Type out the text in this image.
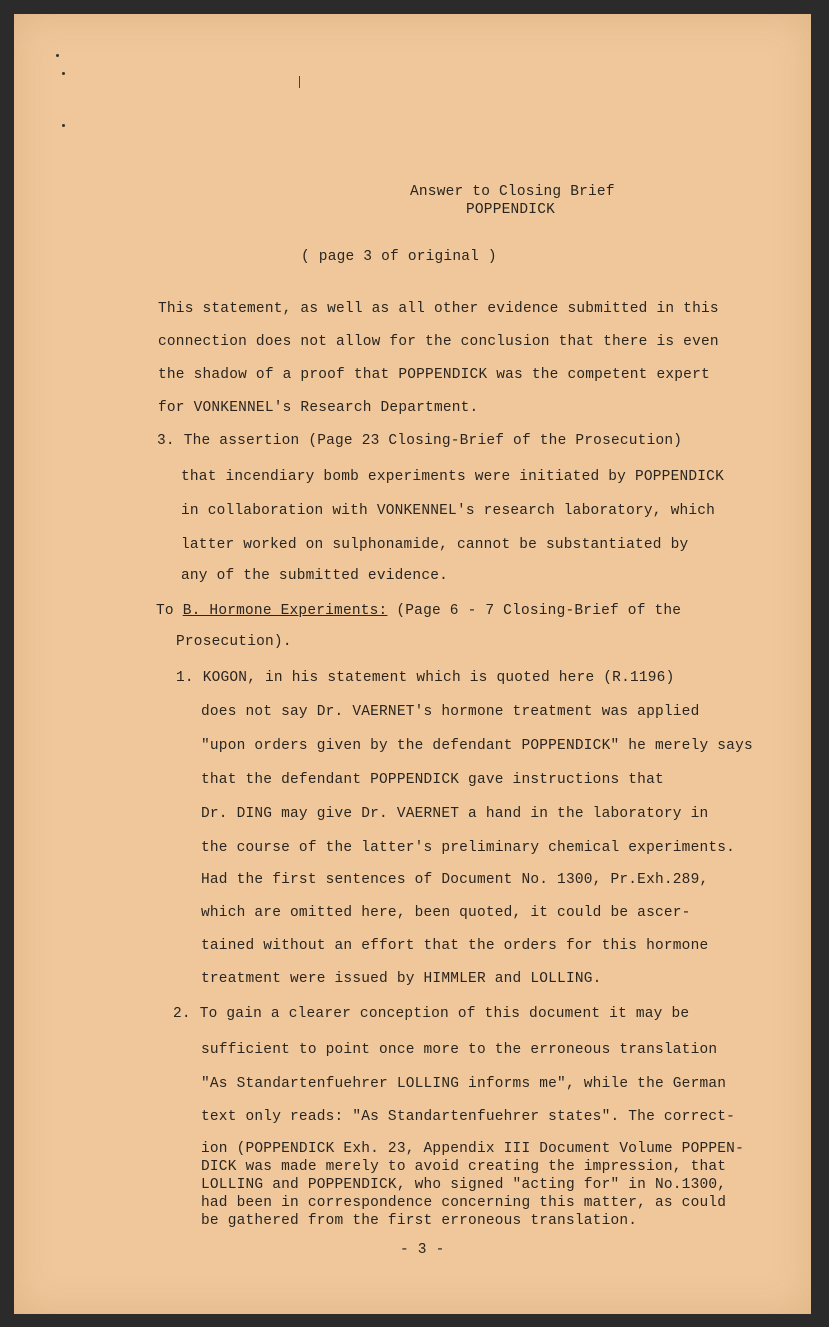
Answer to Closing Brief
POPPENDICK
( page 3 of original )
This statement, as well as all other evidence submitted in this
connection does not allow for the conclusion that there is even
the shadow of a proof that POPPENDICK was the competent expert
for VONKENNEL's Research Department.
3. The assertion (Page 23 Closing-Brief of the Prosecution)
that incendiary bomb experiments were initiated by POPPENDICK
in collaboration with VONKENNEL's research laboratory, which
latter worked on sulphonamide, cannot be substantiated by
any of the submitted evidence.
To B. Hormone Experiments: (Page 6 - 7 Closing-Brief of the
Prosecution).
1. KOGON, in his statement which is quoted here (R.1196)
does not say Dr. VAERNET's hormone treatment was applied
"upon orders given by the defendant POPPENDICK" he merely says
that the defendant POPPENDICK gave instructions that
Dr. DING may give Dr. VAERNET a hand in the laboratory in
the course of the latter's preliminary chemical experiments.
Had the first sentences of Document No. 1300, Pr.Exh.289,
which are omitted here, been quoted, it could be ascer-
tained without an effort that the orders for this hormone
treatment were issued by HIMMLER and LOLLING.
2. To gain a clearer conception of this document it may be
sufficient to point once more to the erroneous translation
"As Standartenfuehrer LOLLING informs me", while the German
text only reads: "As Standartenfuehrer states". The correct-
ion (POPPENDICK Exh. 23, Appendix III Document Volume POPPEN-
DICK was made merely to avoid creating the impression, that
LOLLING and POPPENDICK, who signed "acting for" in No.1300,
had been in correspondence concerning this matter, as could
be gathered from the first erroneous translation.
- 3 -
